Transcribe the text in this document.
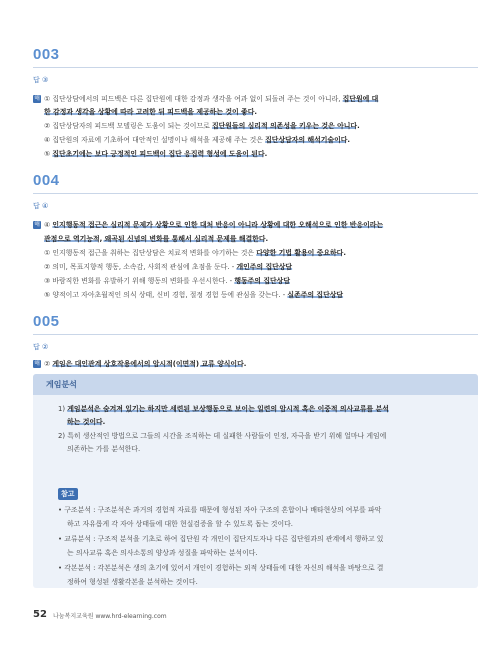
003
답 ③
해 ① 집단상담에서의 피드백은 다른 집단원에 대한 감정과 생각을 여과 없이 되돌려 주는 것이 아니라, 집단원에 대
한 감정과 생각을 상황에 따라 고려한 뒤 피드백을 제공하는 것이 좋다.
② 집단상담자의 피드백 모델링은 도움이 되는 것이므로 집단원들의 심리적 의존성을 키우는 것은 아니다.
④ 집단원의 자료에 기초하여 대안적인 설명이나 해석을 제공해 주는 것은 집단상담자의 해석기술이다.
⑤ 집단초기에는 보다 긍정적인 피드백이 집단 응집력 형성에 도움이 된다.
004
답 ④
해 ④ 인지행동적 접근은 심리적 문제가 상황으로 인한 대처 반응이 아니라 상황에 대한 오해석으로 인한 반응이라는
관점으로 역기능적, 왜곡된 신념의 변화를 통해서 심리적 문제를 해결한다.
① 인지행동적 접근을 취하는 집단상담은 치료적 변화를 야기하는 것은 다양한 기법 활용이 중요하다.
② 의미, 목표지향적 행동, 소속감, 사회적 관심에 초점을 둔다. - 개인주의 집단상담
③ 바람직한 변화를 유발하기 위해 행동의 변화를 우선시한다. - 행동주의 집단상담
⑤ 양적이고 자아초월적인 의식 상태, 신비 경험, 절정 경험 등에 관심을 갖는다. - 실존주의 집단상담
005
답 ②
해 ② 게임은 대인관계 상호작용에서의 암시적(이면적) 교류 양식이다.
게임분석
1) 게임분석은 숨겨져 있기는 하지만 세련된 보상행동으로 보이는 일련의 암시적 혹은 이중적 의사교류를 분석
하는 것이다.
2) 특히 생산적인 방법으로 그들의 시간을 조직하는 데 실패한 사람들이 인정, 자극을 받기 위해 얼마나 게임에
의존하는 가를 분석한다.
참고
• 구조분석 : 구조분석은 과거의 경험적 자료를 때문에 형성된 자아 구조의 혼합이나 배타현상의 여부를 파악
하고 자유롭게 각 자아 상태들에 대한 현실검증을 할 수 있도록 돕는 것이다.
• 교류분석 : 구조적 분석을 기초로 하여 집단원 각 개인이 집단지도자나 다른 집단원과의 관계에서 행하고 있
는 의사교류 혹은 의사소통의 양상과 성질을 파악하는 분석이다.
• 각본분석 : 각본분석은 생의 초기에 있어서 개인이 경험하는 외적 상태들에 대한 자신의 해석을 바탕으로 결
정하여 형성된 생활각본을 분석하는 것이다.
52 나눔복지교육원 www.hrd-elearning.com
